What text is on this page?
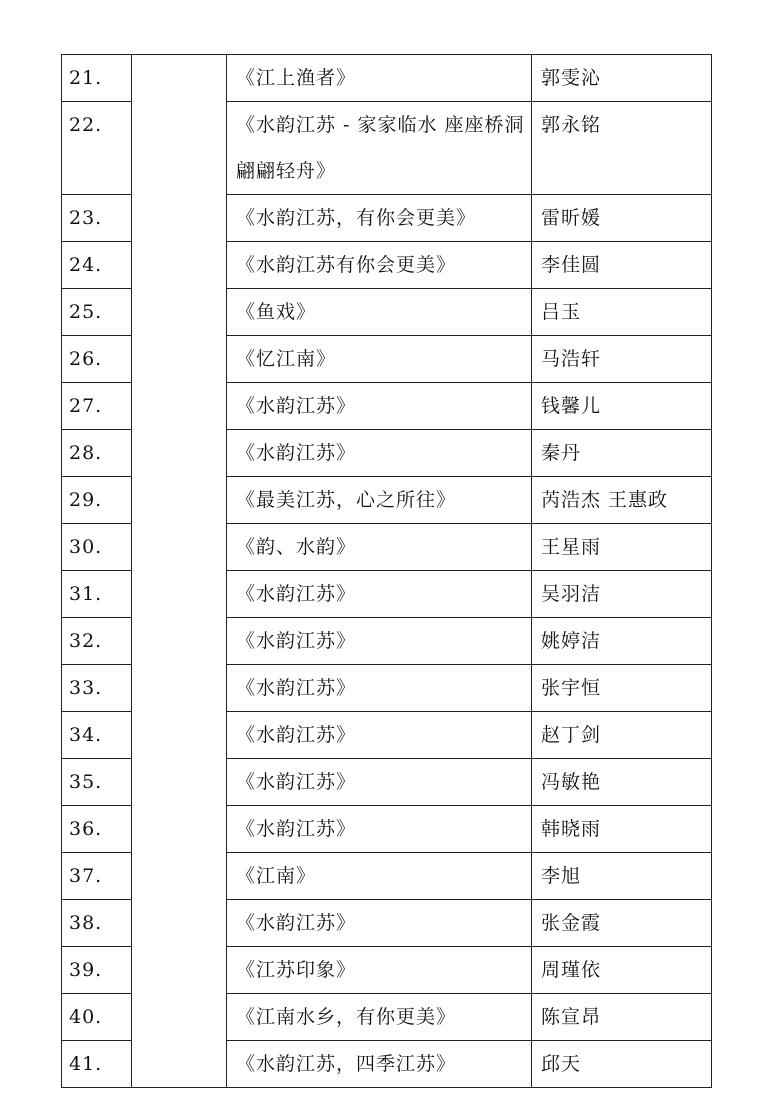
21.		《江上渔者》	郭雯沁
22.		《水韵江苏 - 家家临水 座座桥洞 翩翩轻舟》	郭永铭
23.		《水韵江苏，有你会更美》	雷昕媛
24.		《水韵江苏有你会更美》	李佳圆
25.		《鱼戏》	吕玉
26.		《忆江南》	马浩轩
27.		《水韵江苏》	钱馨儿
28.		《水韵江苏》	秦丹
29.		《最美江苏，心之所往》	芮浩杰 王惠政
30.		《韵、水韵》	王星雨
31.		《水韵江苏》	吴羽洁
32.		《水韵江苏》	姚婷洁
33.		《水韵江苏》	张宇恒
34.		《水韵江苏》	赵丁剑
35.		《水韵江苏》	冯敏艳
36.		《水韵江苏》	韩晓雨
37.		《江南》	李旭
38.		《水韵江苏》	张金霞
39.		《江苏印象》	周瑾依
40.		《江南水乡，有你更美》	陈宣昂
41.		《水韵江苏，四季江苏》	邱天
